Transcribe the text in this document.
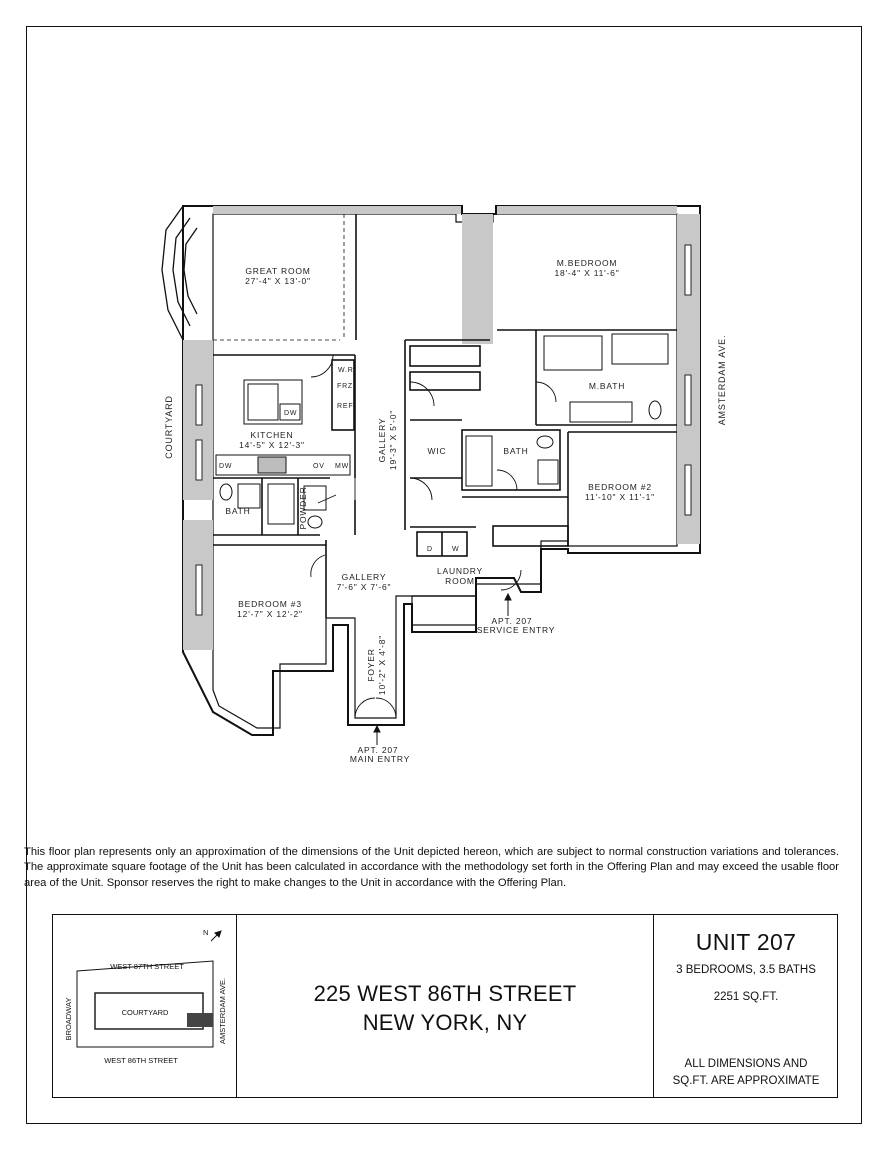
W.R.
FRZ
REF
DW
DW	OV MW
W
D
GREAT ROOM
27'-4" X 13'-0"
M.BEDROOM
18'-4" X 11'-6"
KITCHEN
14'-5" X 12'-3"	GALLERY 19'-3" X 5'-0"
M.BATH
WIC	BATH
BEDROOM #2
11'-10" X 11'-1"
BATH	POWDER
GALLERY
7'-6" X 7'-6"
LAUNDRY
ROOM
BEDROOM #3
12'-7" X 12'-2"
FOYER 10'-2" X 4'-8"
COURTYARD
AMSTERDAM AVE.
APT. 207
SERVICE ENTRY
APT. 207
MAIN ENTRY
This floor plan represents only an approximation of the dimensions of the Unit depicted hereon, which are subject to normal construction variations and tolerances. The approximate square footage of the Unit has been calculated in accordance with the methodology set forth in the Offering Plan and may exceed the usable floor area of the Unit. Sponsor reserves the right to make changes to the Unit in accordance with the Offering Plan.
N
WEST 87TH STREET
WEST 86TH STREET
BROADWAY	AMSTERDAM AVE.
COURTYARD
225 WEST 86TH STREET
NEW YORK, NY
UNIT 207
3 BEDROOMS, 3.5 BATHS
2251 SQ.FT.
ALL DIMENSIONS AND
SQ.FT. ARE APPROXIMATE
